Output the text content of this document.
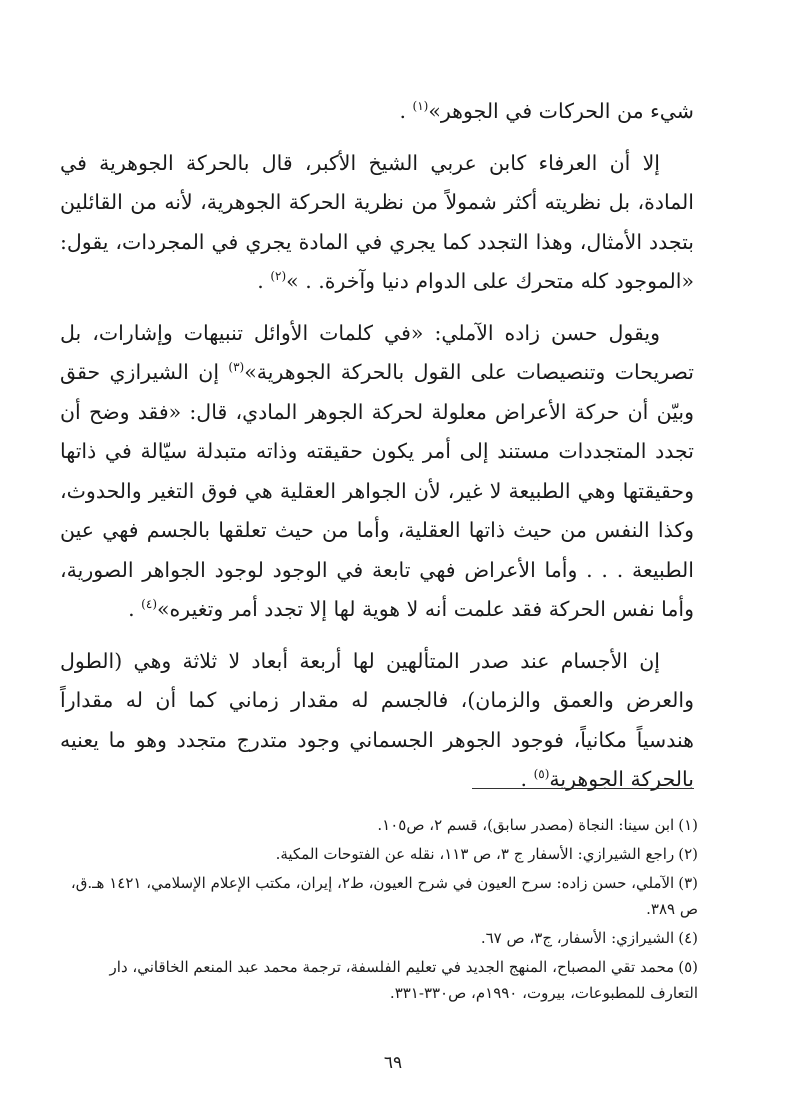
شيء من الحركات في الجوهر»$^{(١)}$ .

إلا أن العرفاء كابن عربي الشيخ الأكبر، قال بالحركة الجوهرية في المادة، بل نظريته أكثر شمولاً من نظرية الحركة الجوهرية، لأنه من القائلين بتجدد الأمثال، وهذا التجدد كما يجري في المادة يجري في المجردات، يقول: «الموجود كله متحرك على الدوام دنيا وآخرة. . »$^{(٢)}$ .

ويقول حسن زاده الآملي: «في كلمات الأوائل تنبيهات وإشارات، بل تصريحات وتنصيصات على القول بالحركة الجوهرية»$^{(٣)}$ إن الشيرازي حقق وبيّن أن حركة الأعراض معلولة لحركة الجوهر المادي، قال: «فقد وضح أن تجدد المتجددات مستند إلى أمر يكون حقيقته وذاته متبدلة سيّالة في ذاتها وحقيقتها وهي الطبيعة لا غير، لأن الجواهر العقلية هي فوق التغير والحدوث، وكذا النفس من حيث ذاتها العقلية، وأما من حيث تعلقها بالجسم فهي عين الطبيعة . . . وأما الأعراض فهي تابعة في الوجود لوجود الجواهر الصورية، وأما نفس الحركة فقد علمت أنه لا هوية لها إلا تجدد أمر وتغيره»$^{(٤)}$ .

إن الأجسام عند صدر المتألهين لها أربعة أبعاد لا ثلاثة وهي (الطول والعرض والعمق والزمان)، فالجسم له مقدار زماني كما أن له مقداراً هندسياً مكانياً، فوجود الجوهر الجسماني وجود متدرج متجدد وهو ما يعنيه بالحركة الجوهرية$^{(٥)}$ .

(١)ابن سينا: النجاة (مصدر سابق)، قسم ٢، ص١٠٥.
(٢)راجع الشيرازي: الأسفار ج ٣، ص ١١٣، نقله عن الفتوحات المكية.
(٣)الآملي، حسن زاده: سرح العيون في شرح العيون، ط٢، إيران، مكتب الإعلام الإسلامي، ١٤٢١ هـ.ق، ص ٣٨٩.
(٤)الشيرازي: الأسفار، ج٣، ص ٦٧.
(٥)محمد تقي المصباح، المنهج الجديد في تعليم الفلسفة، ترجمة محمد عبد المنعم الخاقاني، دار التعارف للمطبوعات، بيروت، ١٩٩٠م، ص٣٣٠-٣٣١.
٦٩
